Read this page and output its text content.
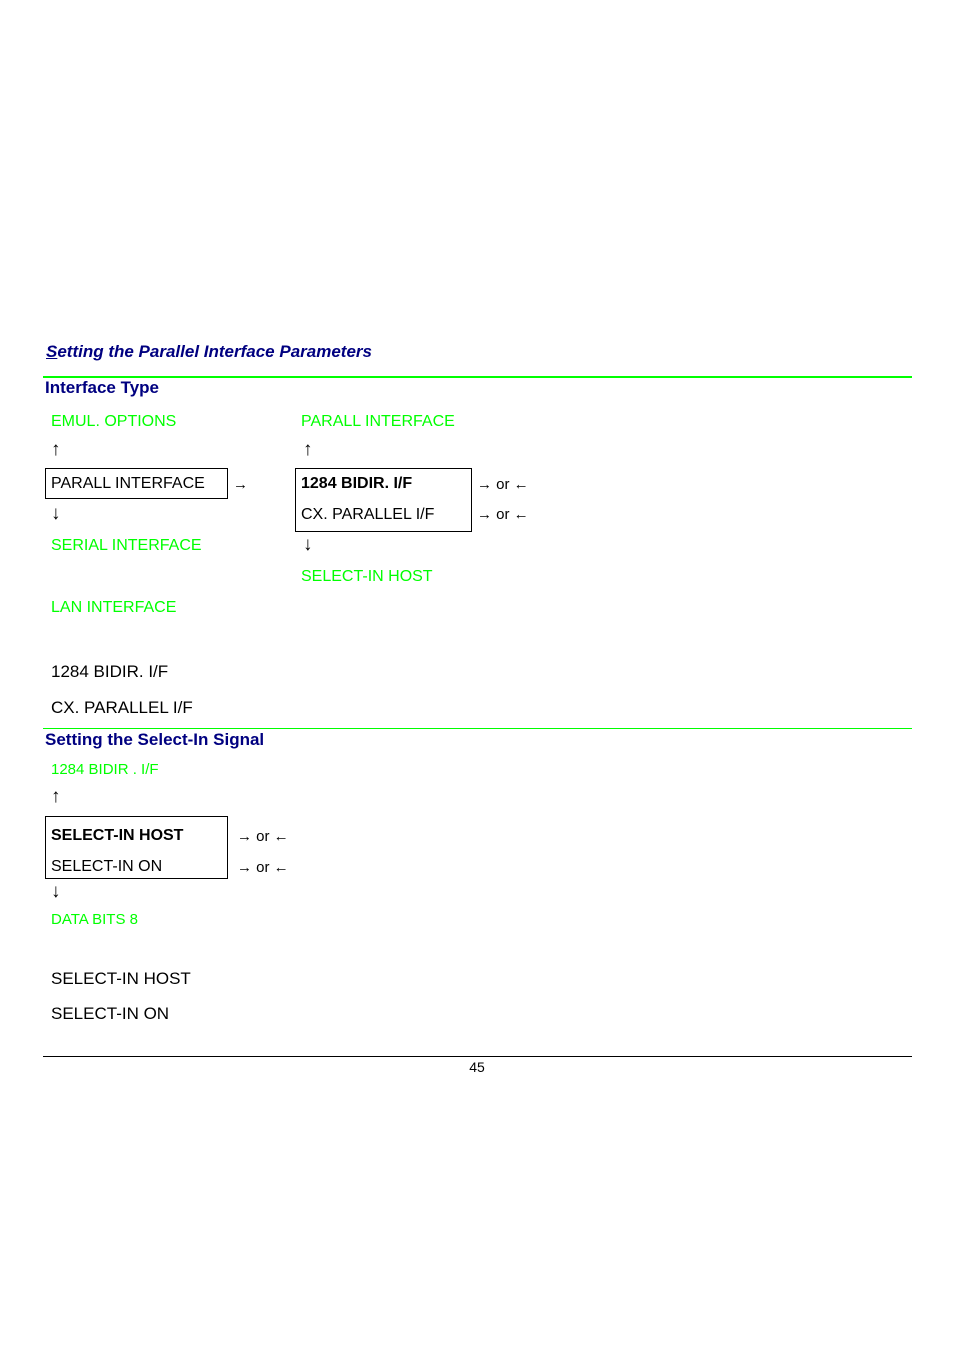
Setting the Parallel Interface Parameters
Interface Type
EMUL. OPTIONS
↑
PARALL INTERFACE →
↓
SERIAL INTERFACE
LAN INTERFACE
PARALL INTERFACE
↑
1284 BIDIR. I/F
CX. PARALLEL I/F
→ or ←
→ or ←
↓
SELECT-IN HOST
1284 BIDIR. I/F
CX. PARALLEL I/F
Setting the Select-In Signal
1284 BIDIR . I/F
↑
SELECT-IN HOST
SELECT-IN ON
→ or ←
→ or ←
↓
DATA BITS 8
SELECT-IN HOST
SELECT-IN ON
45
